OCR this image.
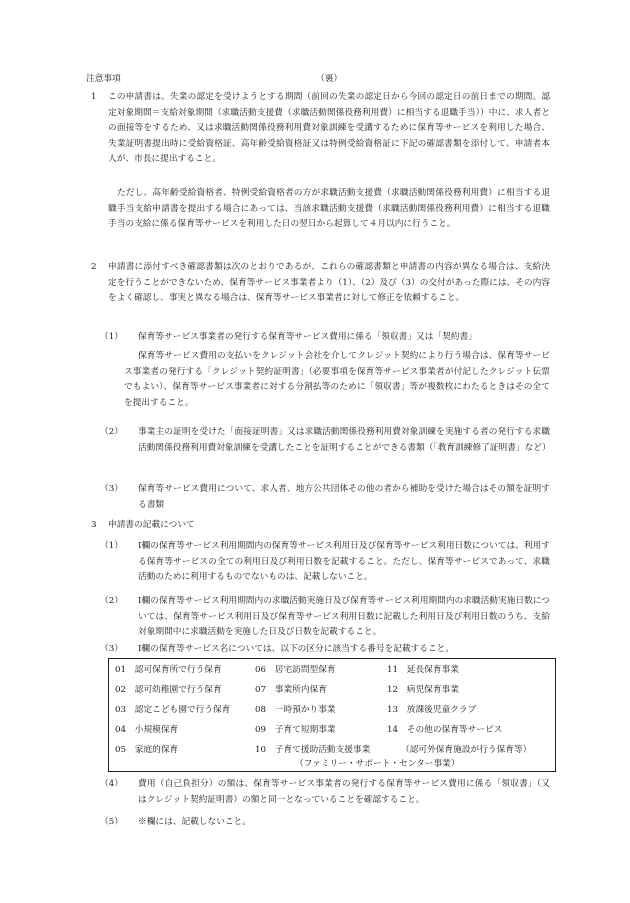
注意事項	（裏）
1 この申請書は、失業の認定を受けようとする期間（前回の失業の認定日から今回の認定日の前日までの期間。認定対象期間＝支給対象期間（求職活動支援費（求職活動関係役務利用費）に相当する退職手当））中に、求人者との面接等をするため、又は求職活動関係役務利用費対象訓練を受講するために保育等サービスを利用した場合、失業証明書提出時に受給資格証、高年齢受給資格証又は特例受給資格証に下記の確認書類を添付して、申請者本人が、市長に提出すること。

ただし、高年齢受給資格者、特例受給資格者の方が求職活動支援費（求職活動関係役務利用費）に相当する退職手当支給申請書を提出する場合にあっては、当該求職活動支援費（求職活動関係役務利用費）に相当する退職手当の支給に係る保育等サービスを利用した日の翌日から起算して４月以内に行うこと。

2 申請書に添付すべき確認書類は次のとおりであるが、これらの確認書類と申請書の内容が異なる場合は、支給決定を行うことができないため、保育等サービス事業者より（1）、（2）及び（3）の交付があった際には、その内容をよく確認し、事実と異なる場合は、保育等サービス事業者に対して修正を依頼すること。

（1） 保育等サービス事業者の発行する保育等サービス費用に係る「領収書」又は「契約書」

保育等サービス費用の支払いをクレジット会社を介してクレジット契約により行う場合は、保育等サービス事業者の発行する「クレジット契約証明書」（必要事項を保育等サービス事業者が付記したクレジット伝票でもよい）、保育等サービス事業者に対する分割払等のために「領収書」等が複数枚にわたるときはその全てを提出すること。

（2） 事業主の証明を受けた「面接証明書」又は求職活動関係役務利用費対象訓練を実施する者の発行する求職活動関係役務利用費対象訓練を受講したことを証明することができる書類（「教育訓練修了証明書」など）

（3） 保育等サービス費用について、求人者、地方公共団体その他の者から補助を受けた場合はその額を証明する書類

3 申請書の記載について

（1） Ⅰ欄の保育等サービス利用期間内の保育等サービス利用日及び保育等サービス利用日数については、利用する保育等サービスの全ての利用日及び利用日数を記載すること。ただし、保育等サービスであって、求職活動のために利用するものでないものは、記載しないこと。

（2） Ⅰ欄の保育等サービス利用期間内の求職活動実施日及び保育等サービス利用期間内の求職活動実施日数については、保育等サービス利用日及び保育等サービス利用日数に記載した利用日及び利用日数のうち、支給対象期間中に求職活動を実施した日及び日数を記載すること。

（3） Ⅰ欄の保育等サービス名については、以下の区分に該当する番号を記載すること。

01　 認可保育所で行う保育
02　 認可幼稚園で行う保育
03　 認定こども園で行う保育
04　 小規模保育
05　 家庭的保育
06　 居宅訪問型保育
07　 事業所内保育
08　 一時預かり事業
09　 子育て短期事業
10　 子育て援助活動支援事業
（ファミリー・サポート・センター事業）
11　 延長保育事業
12　 病児保育事業
13　 放課後児童クラブ
14　 その他の保育等サービス
（認可外保育施設が行う保育等）
（4） 費用（自己負担分）の額は、保育等サービス事業者の発行する保育等サービス費用に係る「領収書」（又はクレジット契約証明書）の額と同一となっていることを確認すること。

（5） ※欄には、記載しないこと。
